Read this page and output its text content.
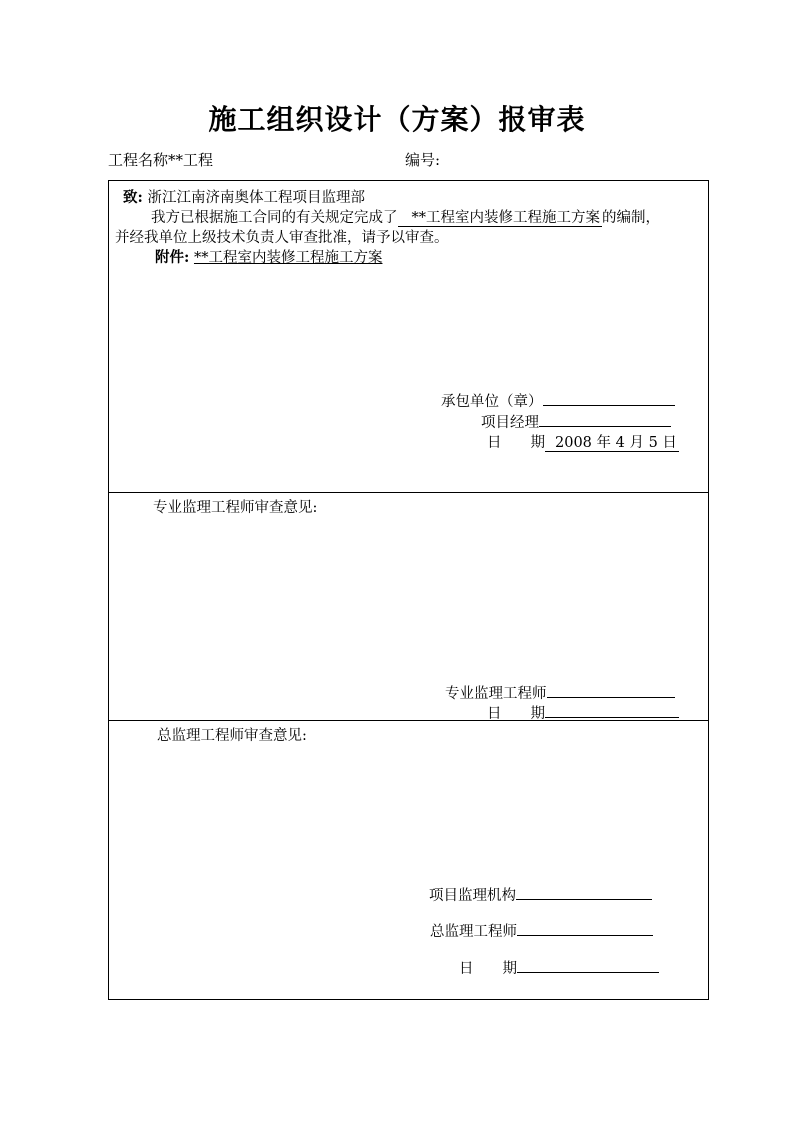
施工组织设计（方案）报审表
工程名称**工程	编号:
致: 浙江江南济南奥体工程项目监理部
我方已根据施工合同的有关规定完成了 **工程室内装修工程施工方案 的编制，
并经我单位上级技术负责人审查批准，请予以审查。
附件: **工程室内装修工程施工方案
承包单位（章）
项目经理
日　　期 2008 年 4 月 5 日
专业监理工程师审查意见:
专业监理工程师
日　　期
总监理工程师审查意见:
项目监理机构
总监理工程师
日　　期
